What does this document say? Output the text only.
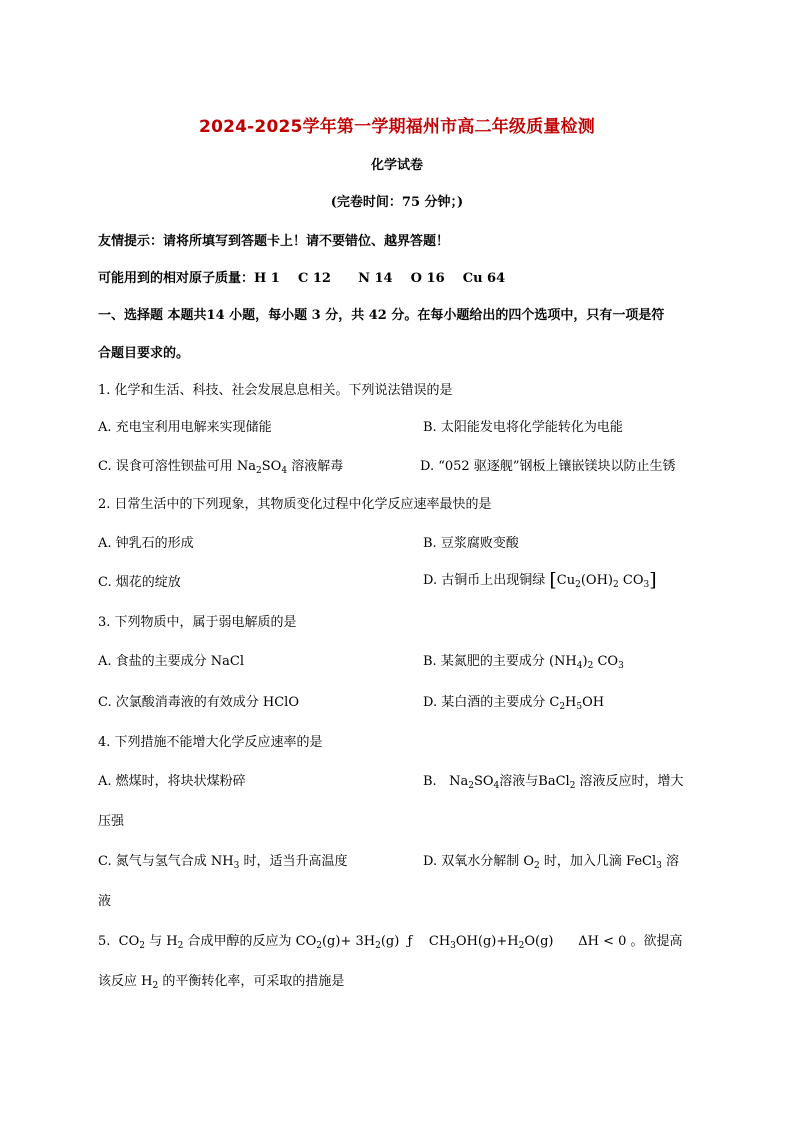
2024-2025学年第一学期福州市高二年级质量检测
化学试卷
(完卷时间：75 分钟；)
友情提示：请将所填写到答题卡上！请不要错位、越界答题！
可能用到的相对原子质量：H 1    C 12      N 14    O 16    Cu 64
一、选择题 本题共14 小题，每小题 3 分，共 42 分。在每小题给出的四个选项中，只有一项是符
合题目要求的。
1. 化学和生活、科技、社会发展息息相关。下列说法错误的是
A. 充电宝利用电解来实现储能	B. 太阳能发电将化学能转化为电能
C. 误食可溶性钡盐可用 $Na_2SO_4$ 溶液解毒	D. “052 驱逐舰”钢板上镶嵌镁块以防止生锈
2. 日常生活中的下列现象，其物质变化过程中化学反应速率最快的是
A. 钟乳石的形成	B. 豆浆腐败变酸
C. 烟花的绽放	D. 古铜币上出现铜绿 [$Cu_2(OH)_2$ $CO_3$]
3. 下列物质中，属于弱电解质的是
A. 食盐的主要成分 NaCl	B. 某氮肥的主要成分 $(NH_4)_2$ $CO_3$
C. 次氯酸消毒液的有效成分 HClO	D. 某白酒的主要成分 $C_2H_5OH$
4. 下列措施不能增大化学反应速率的是
A. 燃煤时，将块状煤粉碎	B.   $Na_2SO_4$溶液与BaCl$_2$ 溶液反应时，增大
压强
C. 氮气与氢气合成 $NH_3$ 时，适当升高温度	D. 双氧水分解制 $O_2$ 时，加入几滴 FeCl$_3$ 溶
液
5.  $CO_2$ 与 $H_2$ 合成甲醇的反应为 $CO_2(g)+ 3H_2(g)$  ƒ    $CH_3OH(g)+H_2O(g)$      ΔH < 0 。欲提高
该反应 $H_2$ 的平衡转化率，可采取的措施是
